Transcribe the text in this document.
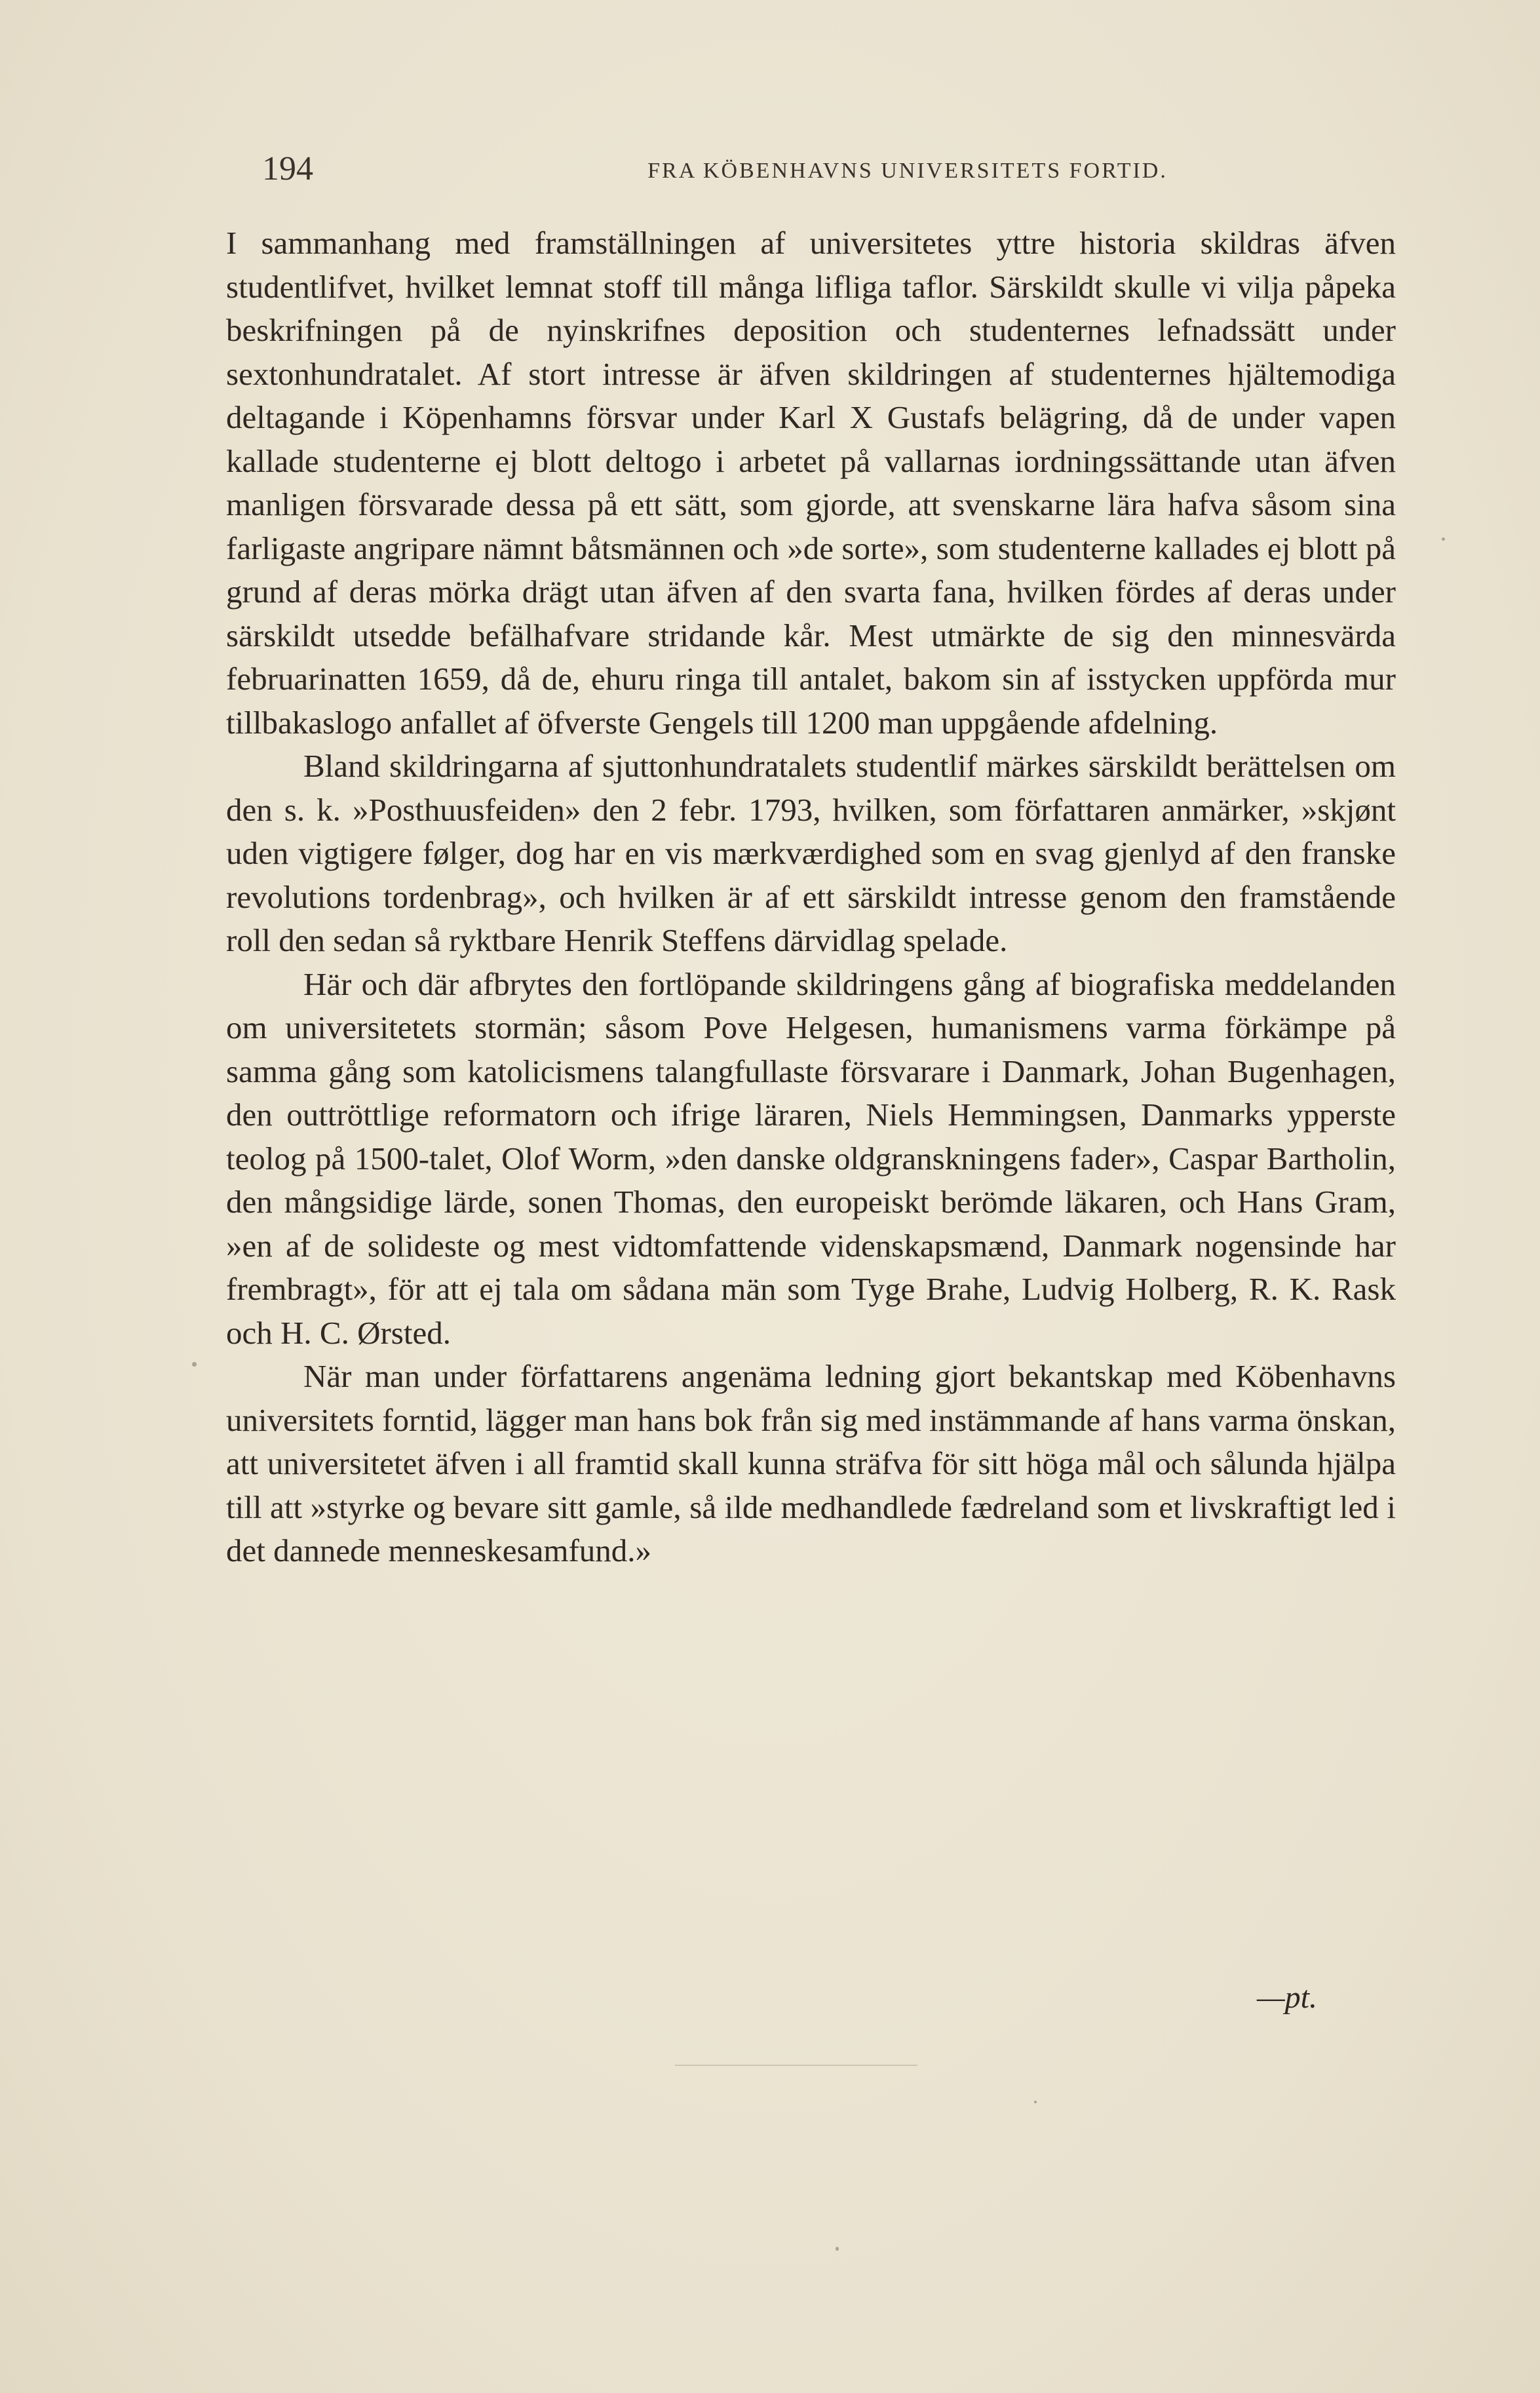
194	FRA KÖBENHAVNS UNIVERSITETS FORTID.

I sammanhang med framställningen af universitetes yttre historia skildras äfven studentlifvet, hvilket lemnat stoff till många lifliga taflor. Särskildt skulle vi vilja påpeka beskrifningen på de nyinskrifnes deposition och studenternes lefnadssätt under sextonhundratalet. Af stort intresse är äfven skildringen af studenternes hjältemodiga deltagande i Köpenhamns försvar under Karl X Gustafs belägring, då de under vapen kallade studenterne ej blott deltogo i arbetet på vallarnas iordningssättande utan äfven manligen försvarade dessa på ett sätt, som gjorde, att svenskarne lära hafva såsom sina farligaste angripare nämnt båtsmännen och »de sorte», som studenterne kallades ej blott på grund af deras mörka drägt utan äfven af den svarta fana, hvilken fördes af deras under särskildt utsedde befälhafvare stridande kår. Mest utmärkte de sig den minnesvärda februarinatten 1659, då de, ehuru ringa till antalet, bakom sin af isstycken uppförda mur tillbakaslogo anfallet af öfverste Gengels till 1200 man uppgående afdelning.

Bland skildringarna af sjuttonhundratalets studentlif märkes särskildt berättelsen om den s. k. »Posthuusfeiden» den 2 febr. 1793, hvilken, som författaren anmärker, »skjønt uden vigtigere følger, dog har en vis mærkværdighed som en svag gjenlyd af den franske revolutions tordenbrag», och hvilken är af ett särskildt intresse genom den framstående roll den sedan så ryktbare Henrik Steffens därvidlag spelade.

Här och där afbrytes den fortlöpande skildringens gång af biografiska meddelanden om universitetets stormän; såsom Pove Helgesen, humanismens varma förkämpe på samma gång som katolicismens talangfullaste försvarare i Danmark, Johan Bugenhagen, den outtröttlige reformatorn och ifrige läraren, Niels Hemmingsen, Danmarks ypperste teolog på 1500-talet, Olof Worm, »den danske oldgranskningens fader», Caspar Bartholin, den mångsidige lärde, sonen Thomas, den europeiskt berömde läkaren, och Hans Gram, »en af de solideste og mest vidtomfattende videnskapsmænd, Danmark nogensinde har frembragt», för att ej tala om sådana män som Tyge Brahe, Ludvig Holberg, R. K. Rask och H. C. Ørsted.

När man under författarens angenäma ledning gjort bekantskap med Köbenhavns universitets forntid, lägger man hans bok från sig med instämmande af hans varma önskan, att universitetet äfven i all framtid skall kunna sträfva för sitt höga mål och sålunda hjälpa till att »styrke og bevare sitt gamle, så ilde medhandlede fædreland som et livskraftigt led i det dannede menneskesamfund.»

—pt.
